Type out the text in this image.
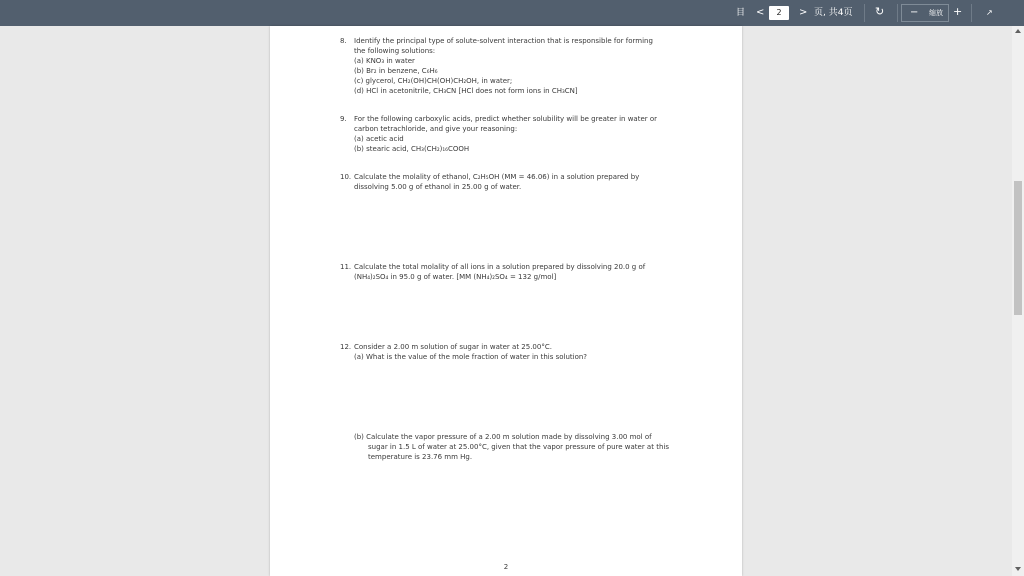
目 <	2	> 页, 共4页 ↻	− 缩放 +	↗
8. Identify the principal type of solute-solvent interaction that is responsible for forming
the following solutions:
(a) KNO₃ in water
(b) Br₂ in benzene, C₆H₆
(c) glycerol, CH₂(OH)CH(OH)CH₂OH, in water;
(d) HCl in acetonitrile, CH₃CN [HCl does not form ions in CH₃CN]
9. For the following carboxylic acids, predict whether solubility will be greater in water or
carbon tetrachloride, and give your reasoning:
(a) acetic acid
(b) stearic acid, CH₃(CH₂)₁₆COOH
10. Calculate the molality of ethanol, C₂H₅OH (MM = 46.06) in a solution prepared by
dissolving 5.00 g of ethanol in 25.00 g of water.
11. Calculate the total molality of all ions in a solution prepared by dissolving 20.0 g of
(NH₄)₂SO₄ in 95.0 g of water. [MM (NH₄)₂SO₄ = 132 g/mol]
12. Consider a 2.00 m solution of sugar in water at 25.00°C.
(a) What is the value of the mole fraction of water in this solution?
(b) Calculate the vapor pressure of a 2.00 m solution made by dissolving 3.00 mol of
sugar in 1.5 L of water at 25.00°C, given that the vapor pressure of pure water at this
temperature is 23.76 mm Hg.
2
